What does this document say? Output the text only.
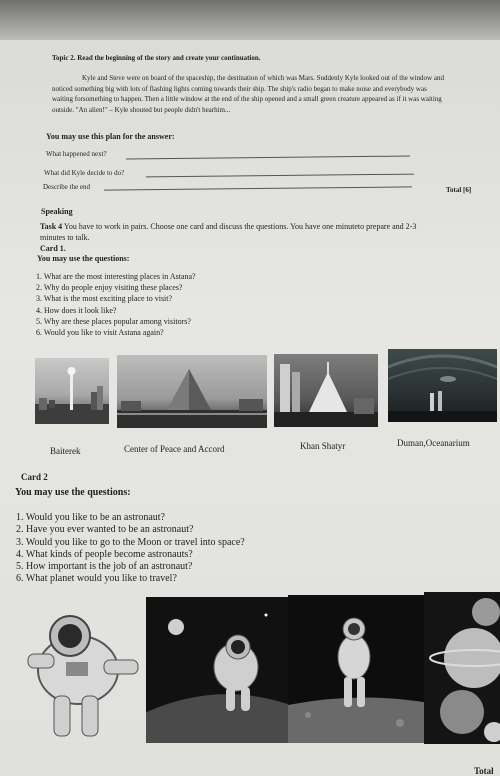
Topic 2. Read the beginning of the story and create your continuation.
Kyle and Steve were on board of the spaceship, the destination of which was Mars. Suddenly Kyle looked out of the window and noticed something big with lots of flashing lights coming towards their ship. The ship's radio began to make noise and everybody was waiting forsomething to happen. Then a little window at the end of the ship opened and a small green creature appeared as if it was waiting outside. "An alien!" – Kyle shouted but people didn't hearhim...
You may use this plan for the answer:
What happened next?
What did Kyle decide to do?
Describe the end	Total [6]
Speaking
Task 4 You have to work in pairs. Choose one card and discuss the questions. You have one minuteto prepare and 2-3
minutes to talk.
Card 1.
You may use the questions:
1. What are the most interesting places in Astana?
2. Why do people enjoy visiting these places?
3. What is the most exciting place to visit?
4. How does it look like?
5. Why are these places popular among visitors?
6. Would you like to visit Astana again?
Baiterek	Center of Peace and Accord	Khan Shatyr	Duman,Oceanarium
Card 2
You may use the questions:
1. Would you like to be an astronaut?
2. Have you ever wanted to be an astronaut?
3. Would you like to go to the Moon or travel into space?
4. What kinds of people become astronauts?
5. How important is the job of an astronaut?
6. What planet would you like to travel?
Total
